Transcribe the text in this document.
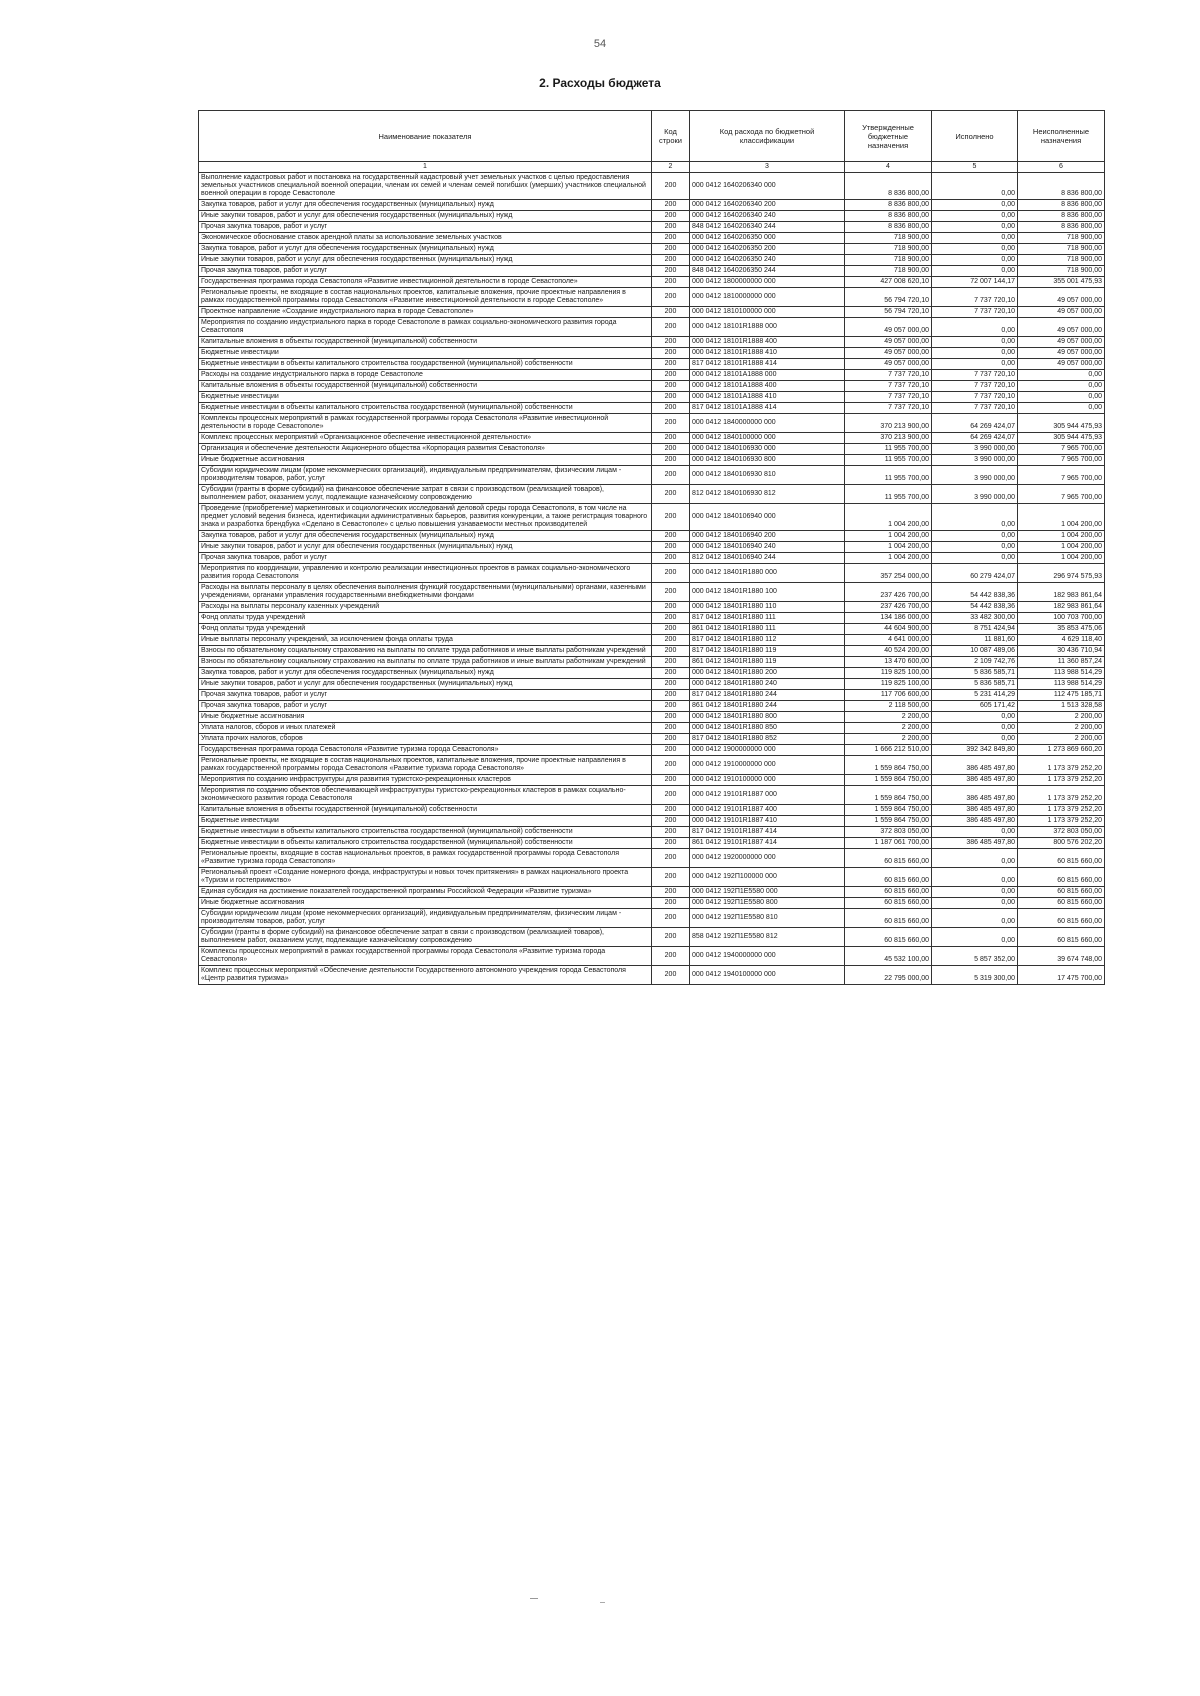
54
2. Расходы бюджета
Наименование показателя	Код строки	Код расхода по бюджетной классификации	Утвержденные бюджетные назначения	Исполнено	Неисполненные назначения
1	2	3	4	5	6
Выполнение кадастровых работ и постановка на государственный кадастровый учет земельных участков с целью предоставления земельных участников специальной военной операции, членам их семей и членам семей погибших (умерших) участников специальной военной операции в городе Севастополе	200	000 0412 1640206340 000	8 836 800,00	0,00	8 836 800,00
Закупка товаров, работ и услуг для обеспечения государственных (муниципальных) нужд	200	000 0412 1640206340 200	8 836 800,00	0,00	8 836 800,00
Иные закупки товаров, работ и услуг для обеспечения государственных (муниципальных) нужд	200	000 0412 1640206340 240	8 836 800,00	0,00	8 836 800,00
Прочая закупка товаров, работ и услуг	200	848 0412 1640206340 244	8 836 800,00	0,00	8 836 800,00
Экономическое обоснование ставок арендной платы за использование земельных участков	200	000 0412 1640206350 000	718 900,00	0,00	718 900,00
Закупка товаров, работ и услуг для обеспечения государственных (муниципальных) нужд	200	000 0412 1640206350 200	718 900,00	0,00	718 900,00
Иные закупки товаров, работ и услуг для обеспечения государственных (муниципальных) нужд	200	000 0412 1640206350 240	718 900,00	0,00	718 900,00
Прочая закупка товаров, работ и услуг	200	848 0412 1640206350 244	718 900,00	0,00	718 900,00
Государственная программа города Севастополя «Развитие инвестиционной деятельности в городе Севастополе»	200	000 0412 1800000000 000	427 008 620,10	72 007 144,17	355 001 475,93
Региональные проекты, не входящие в состав национальных проектов, капитальные вложения, прочие проектные направления в рамках государственной программы города Севастополя «Развитие инвестиционной деятельности в городе Севастополе»	200	000 0412 1810000000 000	56 794 720,10	7 737 720,10	49 057 000,00
Проектное направление «Создание индустриального парка в городе Севастополе»	200	000 0412 1810100000 000	56 794 720,10	7 737 720,10	49 057 000,00
Мероприятия по созданию индустриального парка в городе Севастополе в рамках социально-экономического развития города Севастополя	200	000 0412 18101R1888 000	49 057 000,00	0,00	49 057 000,00
Капитальные вложения в объекты государственной (муниципальной) собственности	200	000 0412 18101R1888 400	49 057 000,00	0,00	49 057 000,00
Бюджетные инвестиции	200	000 0412 18101R1888 410	49 057 000,00	0,00	49 057 000,00
Бюджетные инвестиции в объекты капитального строительства государственной (муниципальной) собственности	200	817 0412 18101R1888 414	49 057 000,00	0,00	49 057 000,00
Расходы на создание индустриального парка в городе Севастополе	200	000 0412 18101A1888 000	7 737 720,10	7 737 720,10	0,00
Капитальные вложения в объекты государственной (муниципальной) собственности	200	000 0412 18101A1888 400	7 737 720,10	7 737 720,10	0,00
Бюджетные инвестиции	200	000 0412 18101A1888 410	7 737 720,10	7 737 720,10	0,00
Бюджетные инвестиции в объекты капитального строительства государственной (муниципальной) собственности	200	817 0412 18101A1888 414	7 737 720,10	7 737 720,10	0,00
Комплексы процессных мероприятий в рамках государственной программы города Севастополя «Развитие инвестиционной деятельности в городе Севастополе»	200	000 0412 1840000000 000	370 213 900,00	64 269 424,07	305 944 475,93
Комплекс процессных мероприятий «Организационное обеспечение инвестиционной деятельности»	200	000 0412 1840100000 000	370 213 900,00	64 269 424,07	305 944 475,93
Организация и обеспечение деятельности Акционерного общества «Корпорация развития Севастополя»	200	000 0412 1840106930 000	11 955 700,00	3 990 000,00	7 965 700,00
Иные бюджетные ассигнования	200	000 0412 1840106930 800	11 955 700,00	3 990 000,00	7 965 700,00
Субсидии юридическим лицам (кроме некоммерческих организаций), индивидуальным предпринимателям, физическим лицам - производителям товаров, работ, услуг	200	000 0412 1840106930 810	11 955 700,00	3 990 000,00	7 965 700,00
Субсидии (гранты в форме субсидий) на финансовое обеспечение затрат в связи с производством (реализацией товаров), выполнением работ, оказанием услуг, подлежащие казначейскому сопровождению	200	812 0412 1840106930 812	11 955 700,00	3 990 000,00	7 965 700,00
Проведение (приобретение) маркетинговых и социологических исследований деловой среды города Севастополя, в том числе на предмет условий ведения бизнеса, идентификации административных барьеров, развития конкуренции, а также регистрация товарного знака и разработка брендбука «Сделано в Севастополе» с целью повышения узнаваемости местных производителей	200	000 0412 1840106940 000	1 004 200,00	0,00	1 004 200,00
Закупка товаров, работ и услуг для обеспечения государственных (муниципальных) нужд	200	000 0412 1840106940 200	1 004 200,00	0,00	1 004 200,00
Иные закупки товаров, работ и услуг для обеспечения государственных (муниципальных) нужд	200	000 0412 1840106940 240	1 004 200,00	0,00	1 004 200,00
Прочая закупка товаров, работ и услуг	200	812 0412 1840106940 244	1 004 200,00	0,00	1 004 200,00
Мероприятия по координации, управлению и контролю реализации инвестиционных проектов в рамках социально-экономического развития города Севастополя	200	000 0412 18401R1880 000	357 254 000,00	60 279 424,07	296 974 575,93
Расходы на выплаты персоналу в целях обеспечения выполнения функций государственными (муниципальными) органами, казенными учреждениями, органами управления государственными внебюджетными фондами	200	000 0412 18401R1880 100	237 426 700,00	54 442 838,36	182 983 861,64
Расходы на выплаты персоналу казенных учреждений	200	000 0412 18401R1880 110	237 426 700,00	54 442 838,36	182 983 861,64
Фонд оплаты труда учреждений	200	817 0412 18401R1880 111	134 186 000,00	33 482 300,00	100 703 700,00
Фонд оплаты труда учреждений	200	861 0412 18401R1880 111	44 604 900,00	8 751 424,94	35 853 475,06
Иные выплаты персоналу учреждений, за исключением фонда оплаты труда	200	817 0412 18401R1880 112	4 641 000,00	11 881,60	4 629 118,40
Взносы по обязательному социальному страхованию на выплаты по оплате труда работников и иные выплаты работникам учреждений	200	817 0412 18401R1880 119	40 524 200,00	10 087 489,06	30 436 710,94
Взносы по обязательному социальному страхованию на выплаты по оплате труда работников и иные выплаты работникам учреждений	200	861 0412 18401R1880 119	13 470 600,00	2 109 742,76	11 360 857,24
Закупка товаров, работ и услуг для обеспечения государственных (муниципальных) нужд	200	000 0412 18401R1880 200	119 825 100,00	5 836 585,71	113 988 514,29
Иные закупки товаров, работ и услуг для обеспечения государственных (муниципальных) нужд	200	000 0412 18401R1880 240	119 825 100,00	5 836 585,71	113 988 514,29
Прочая закупка товаров, работ и услуг	200	817 0412 18401R1880 244	117 706 600,00	5 231 414,29	112 475 185,71
Прочая закупка товаров, работ и услуг	200	861 0412 18401R1880 244	2 118 500,00	605 171,42	1 513 328,58
Иные бюджетные ассигнования	200	000 0412 18401R1880 800	2 200,00	0,00	2 200,00
Уплата налогов, сборов и иных платежей	200	000 0412 18401R1880 850	2 200,00	0,00	2 200,00
Уплата прочих налогов, сборов	200	817 0412 18401R1880 852	2 200,00	0,00	2 200,00
Государственная программа города Севастополя «Развитие туризма города Севастополя»	200	000 0412 1900000000 000	1 666 212 510,00	392 342 849,80	1 273 869 660,20
Региональные проекты, не входящие в состав национальных проектов, капитальные вложения, прочие проектные направления в рамках государственной программы города Севастополя «Развитие туризма города Севастополя»	200	000 0412 1910000000 000	1 559 864 750,00	386 485 497,80	1 173 379 252,20
Мероприятия по созданию инфраструктуры для развития туристско-рекреационных кластеров	200	000 0412 1910100000 000	1 559 864 750,00	386 485 497,80	1 173 379 252,20
Мероприятия по созданию объектов обеспечивающей инфраструктуры туристско-рекреационных кластеров в рамках социально-экономического развития города Севастополя	200	000 0412 19101R1887 000	1 559 864 750,00	386 485 497,80	1 173 379 252,20
Капитальные вложения в объекты государственной (муниципальной) собственности	200	000 0412 19101R1887 400	1 559 864 750,00	386 485 497,80	1 173 379 252,20
Бюджетные инвестиции	200	000 0412 19101R1887 410	1 559 864 750,00	386 485 497,80	1 173 379 252,20
Бюджетные инвестиции в объекты капитального строительства государственной (муниципальной) собственности	200	817 0412 19101R1887 414	372 803 050,00	0,00	372 803 050,00
Бюджетные инвестиции в объекты капитального строительства государственной (муниципальной) собственности	200	861 0412 19101R1887 414	1 187 061 700,00	386 485 497,80	800 576 202,20
Региональные проекты, входящие в состав национальных проектов, в рамках государственной программы города Севастополя «Развитие туризма города Севастополя»	200	000 0412 1920000000 000	60 815 660,00	0,00	60 815 660,00
Региональный проект «Создание номерного фонда, инфраструктуры и новых точек притяжения» в рамках национального проекта «Туризм и гостеприимство»	200	000 0412 192П100000 000	60 815 660,00	0,00	60 815 660,00
Единая субсидия на достижение показателей государственной программы Российской Федерации «Развитие туризма»	200	000 0412 192П1E5580 000	60 815 660,00	0,00	60 815 660,00
Иные бюджетные ассигнования	200	000 0412 192П1E5580 800	60 815 660,00	0,00	60 815 660,00
Субсидии юридическим лицам (кроме некоммерческих организаций), индивидуальным предпринимателям, физическим лицам - производителям товаров, работ, услуг	200	000 0412 192П1E5580 810	60 815 660,00	0,00	60 815 660,00
Субсидии (гранты в форме субсидий) на финансовое обеспечение затрат в связи с производством (реализацией товаров), выполнением работ, оказанием услуг, подлежащие казначейскому сопровождению	200	858 0412 192П1E5580 812	60 815 660,00	0,00	60 815 660,00
Комплексы процессных мероприятий в рамках государственной программы города Севастополя «Развитие туризма города Севастополя»	200	000 0412 1940000000 000	45 532 100,00	5 857 352,00	39 674 748,00
Комплекс процессных мероприятий «Обеспечение деятельности Государственного автономного учреждения города Севастополя «Центр развития туризма»	200	000 0412 1940100000 000	22 795 000,00	5 319 300,00	17 475 700,00
